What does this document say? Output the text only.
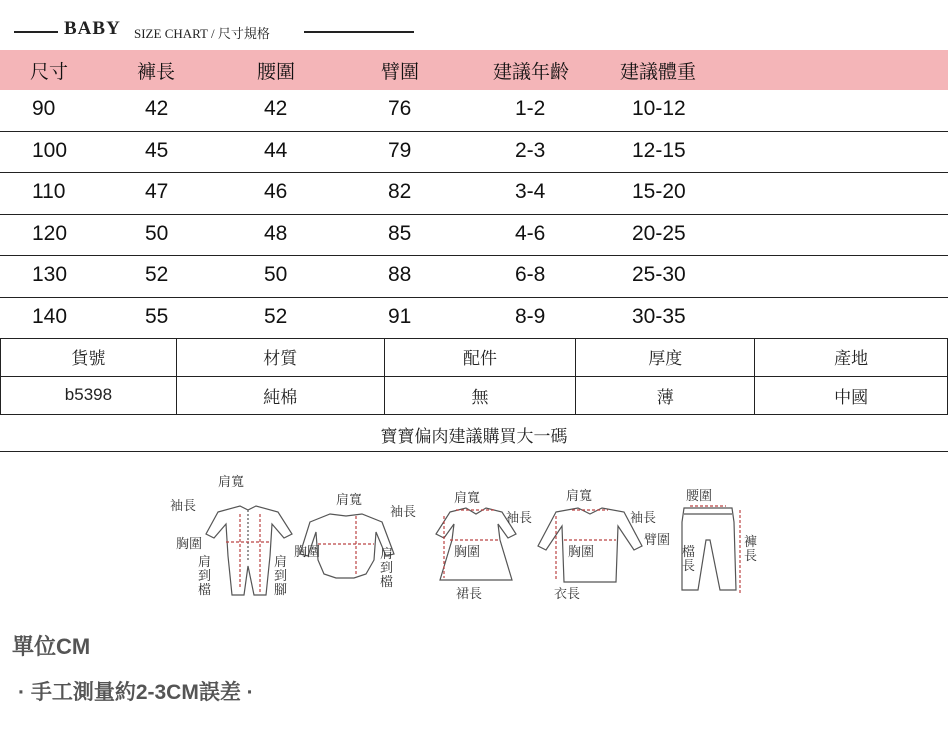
BABY SIZE CHART / 尺寸規格
尺寸	褲長	腰圍	臂圍	建議年齡	建議體重
90	42	42	76	1-2	10-12
100	45	44	79	2-3	12-15
110	47	46	82	3-4	15-20
120	50	48	85	4-6	20-25
130	52	50	88	6-8	25-30
140	55	52	91	8-9	30-35
貨號	材質	配件	厚度	產地
b5398	純棉	無	薄	中國
寶寶偏肉建議購買大一碼
肩寬
袖長
胸圍
肩到檔
肩到腳
肩寬
袖長
胸圍	肩到檔
肩寬
袖長
胸圍
裙長
肩寬
袖長
胸圍
衣長
腰圍
臂圍
檔長
褲長
單位CM
· 手工測量約2-3CM誤差 ·
